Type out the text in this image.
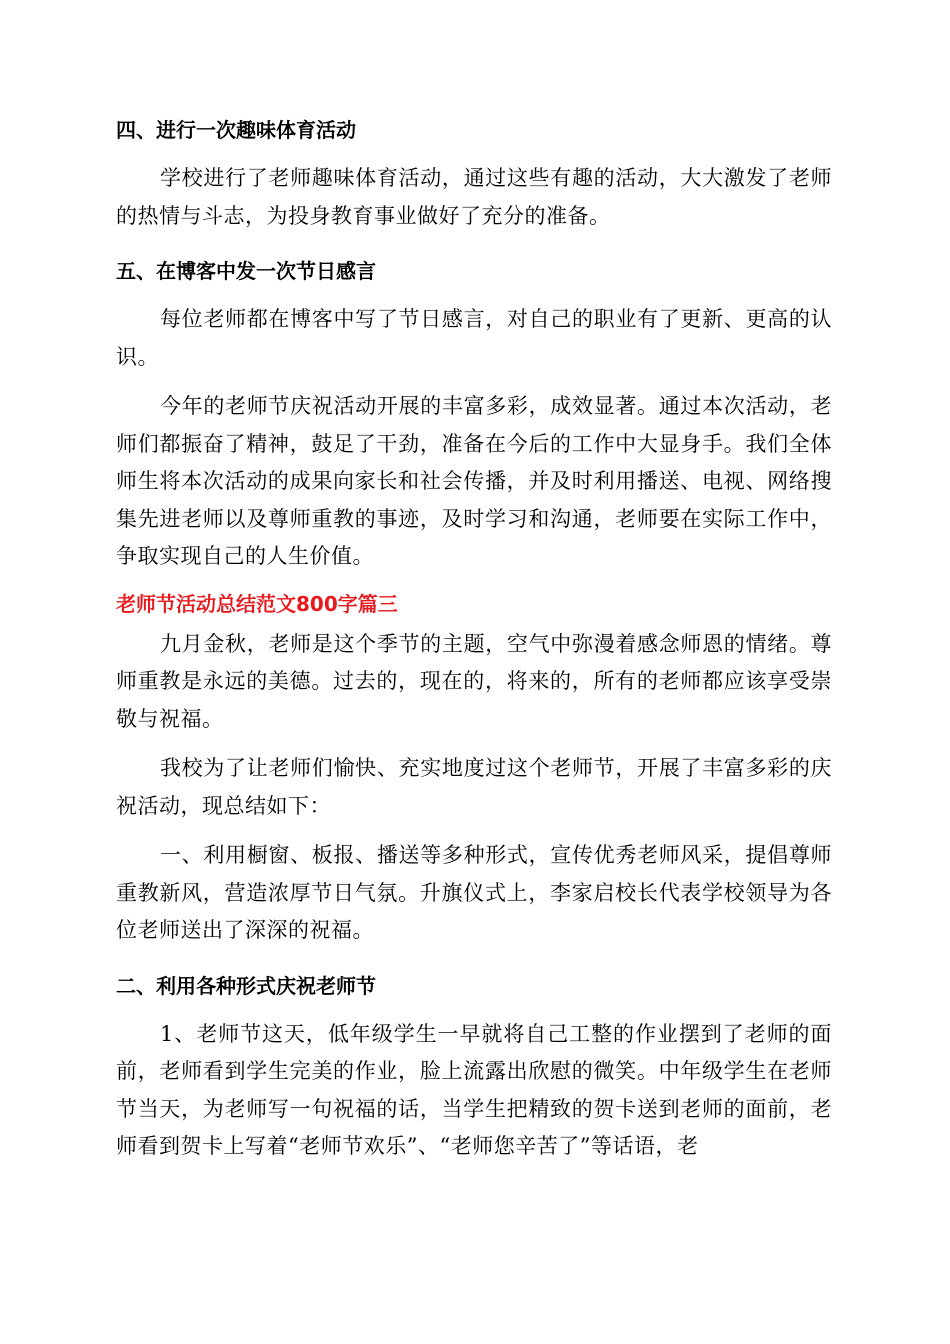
四、进行一次趣味体育活动

学校进行了老师趣味体育活动，通过这些有趣的活动，大大激发了老师的热情与斗志，为投身教育事业做好了充分的准备。

五、在博客中发一次节日感言

每位老师都在博客中写了节日感言，对自己的职业有了更新、更高的认识。

今年的老师节庆祝活动开展的丰富多彩，成效显著。通过本次活动，老师们都振奋了精神，鼓足了干劲，准备在今后的工作中大显身手。我们全体师生将本次活动的成果向家长和社会传播，并及时利用播送、电视、网络搜集先进老师以及尊师重教的事迹，及时学习和沟通，老师要在实际工作中，争取实现自己的人生价值。

老师节活动总结范文800字篇三

九月金秋，老师是这个季节的主题，空气中弥漫着感念师恩的情绪。尊师重教是永远的美德。过去的，现在的，将来的，所有的老师都应该享受崇敬与祝福。

我校为了让老师们愉快、充实地度过这个老师节，开展了丰富多彩的庆祝活动，现总结如下：

一、利用橱窗、板报、播送等多种形式，宣传优秀老师风采，提倡尊师重教新风，营造浓厚节日气氛。升旗仪式上，李家启校长代表学校领导为各位老师送出了深深的祝福。

二、利用各种形式庆祝老师节

1、老师节这天，低年级学生一早就将自己工整的作业摆到了老师的面前，老师看到学生完美的作业，脸上流露出欣慰的微笑。中年级学生在老师节当天，为老师写一句祝福的话，当学生把精致的贺卡送到老师的面前，老师看到贺卡上写着“老师节欢乐”、“老师您辛苦了”等话语，老
